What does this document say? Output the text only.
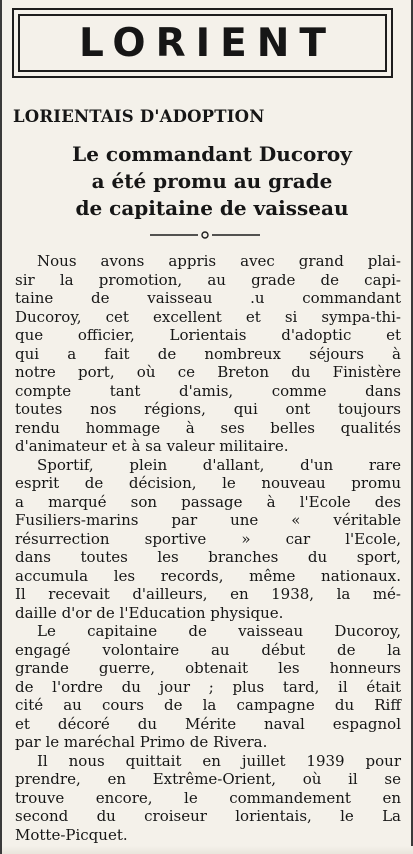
LORIENT
LORIENTAIS D'ADOPTION
Le commandant Ducoroy
a été promu au grade
de capitaine de vaisseau
Nous avons appris avec grand plai-
sir la promotion, au grade de capi-
taine de vaisseau .u commandant
Ducoroy, cet excellent et si sympa-thi-
que officier, Lorientais d'adoptic et
qui a fait de nombreux séjours à
notre port, où ce Breton du Finistère
compte tant d'amis, comme dans
toutes nos régions, qui ont toujours
rendu hommage à ses belles qualités
d'animateur et à sa valeur militaire.
Sportif, plein d'allant, d'un rare
esprit de décision, le nouveau promu
a marqué son passage à l'Ecole des
Fusiliers-marins par une « véritable
résurrection sportive » car l'Ecole,
dans toutes les branches du sport,
accumula les records, même nationaux.
Il recevait d'ailleurs, en 1938, la mé-
daille d'or de l'Education physique.
Le capitaine de vaisseau Ducoroy,
engagé volontaire au début de la
grande guerre, obtenait les honneurs
de l'ordre du jour ; plus tard, il était
cité au cours de la campagne du Riff
et décoré du Mérite naval espagnol
par le maréchal Primo de Rivera.
Il nous quittait en juillet 1939 pour
prendre, en Extrême-Orient, où il se
trouve encore, le commandement en
second du croiseur lorientais, le La
Motte-Picquet.
